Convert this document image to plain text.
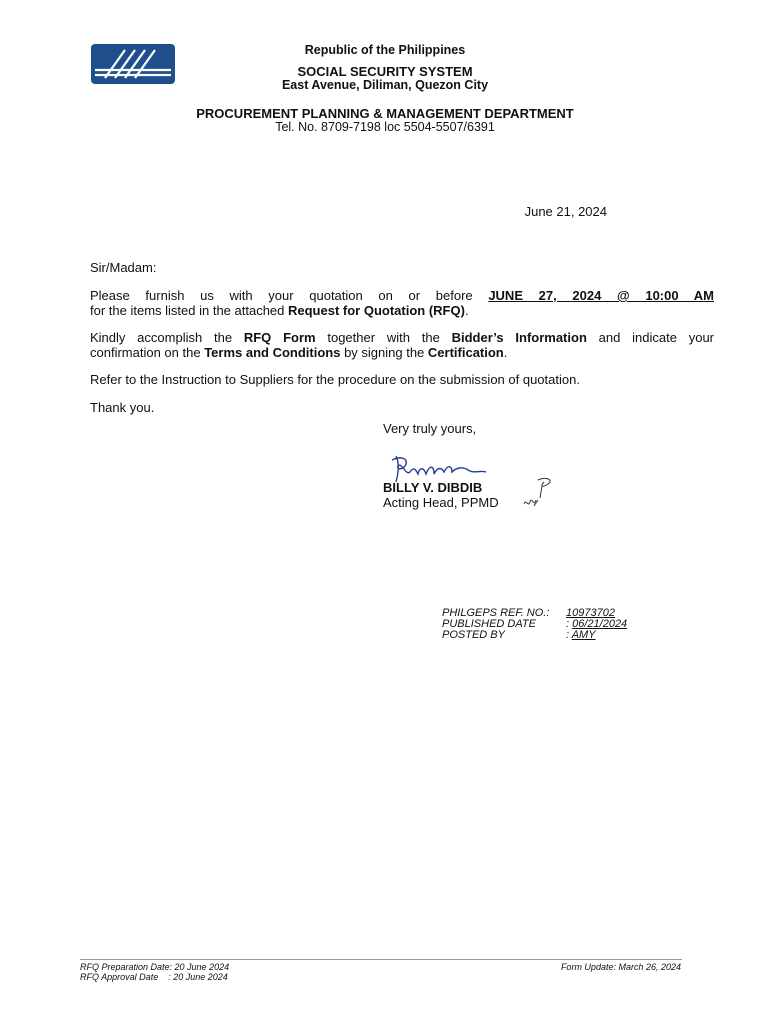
Republic of the Philippines
SOCIAL SECURITY SYSTEM
East Avenue, Diliman, Quezon City
PROCUREMENT PLANNING & MANAGEMENT DEPARTMENT
Tel. No. 8709-7198 loc 5504-5507/6391
June 21, 2024
Sir/Madam:
Please furnish us with your quotation on or before JUNE 27, 2024 @ 10:00 AM
for the items listed in the attached Request for Quotation (RFQ).
Kindly accomplish the RFQ Form together with the Bidder’s Information and indicate your
confirmation on the Terms and Conditions by signing the Certification.
Refer to the Instruction to Suppliers for the procedure on the submission of quotation.
Thank you.
Very truly yours,
BILLY V. DIBDIB
Acting Head, PPMD
PHILGEPS REF. NO.: 10973702
PUBLISHED DATE	: 06/21/2024
POSTED BY	: AMY
RFQ Preparation Date: 20 June 2024
RFQ Approval Date    : 20 June 2024
Form Update: March 26, 2024
